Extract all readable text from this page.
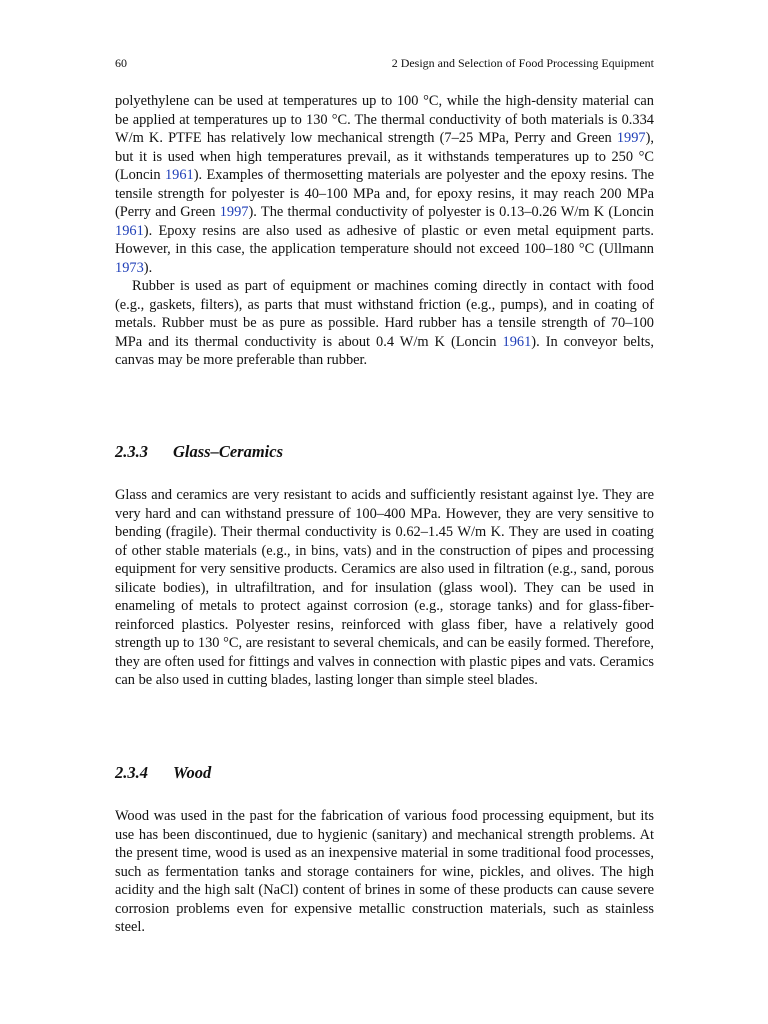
60	2 Design and Selection of Food Processing Equipment

polyethylene can be used at temperatures up to 100 °C, while the high-density material can be applied at temperatures up to 130 °C. The thermal conductivity of both materials is 0.334 W/m K. PTFE has relatively low mechanical strength (7–25 MPa, Perry and Green 1997), but it is used when high temperatures prevail, as it withstands temperatures up to 250 °C (Loncin 1961). Examples of thermosetting materials are polyester and the epoxy resins. The tensile strength for polyester is 40–100 MPa and, for epoxy resins, it may reach 200 MPa (Perry and Green 1997). The thermal conductivity of polyester is 0.13–0.26 W/m K (Loncin 1961). Epoxy resins are also used as adhesive of plastic or even metal equipment parts. However, in this case, the application temperature should not exceed 100–180 °C (Ullmann 1973).

Rubber is used as part of equipment or machines coming directly in contact with food (e.g., gaskets, filters), as parts that must withstand friction (e.g., pumps), and in coating of metals. Rubber must be as pure as possible. Hard rubber has a tensile strength of 70–100 MPa and its thermal conductivity is about 0.4 W/m K (Loncin 1961). In conveyor belts, canvas may be more preferable than rubber.

2.3.3 Glass–Ceramics

Glass and ceramics are very resistant to acids and sufficiently resistant against lye. They are very hard and can withstand pressure of 100–400 MPa. However, they are very sensitive to bending (fragile). Their thermal conductivity is 0.62–1.45 W/m K. They are used in coating of other stable materials (e.g., in bins, vats) and in the construction of pipes and processing equipment for very sensitive products. Ceramics are also used in filtration (e.g., sand, porous silicate bodies), in ultrafiltration, and for insulation (glass wool). They can be used in enameling of metals to protect against corrosion (e.g., storage tanks) and for glass-fiber-reinforced plastics. Polyester resins, reinforced with glass fiber, have a relatively good strength up to 130 °C, are resistant to several chemicals, and can be easily formed. Therefore, they are often used for fittings and valves in connection with plastic pipes and vats. Ceramics can be also used in cutting blades, lasting longer than simple steel blades.

2.3.4 Wood

Wood was used in the past for the fabrication of various food processing equipment, but its use has been discontinued, due to hygienic (sanitary) and mechanical strength problems. At the present time, wood is used as an inexpensive material in some traditional food processes, such as fermentation tanks and storage containers for wine, pickles, and olives. The high acidity and the high salt (NaCl) content of brines in some of these products can cause severe corrosion problems even for expensive metallic construction materials, such as stainless steel.
